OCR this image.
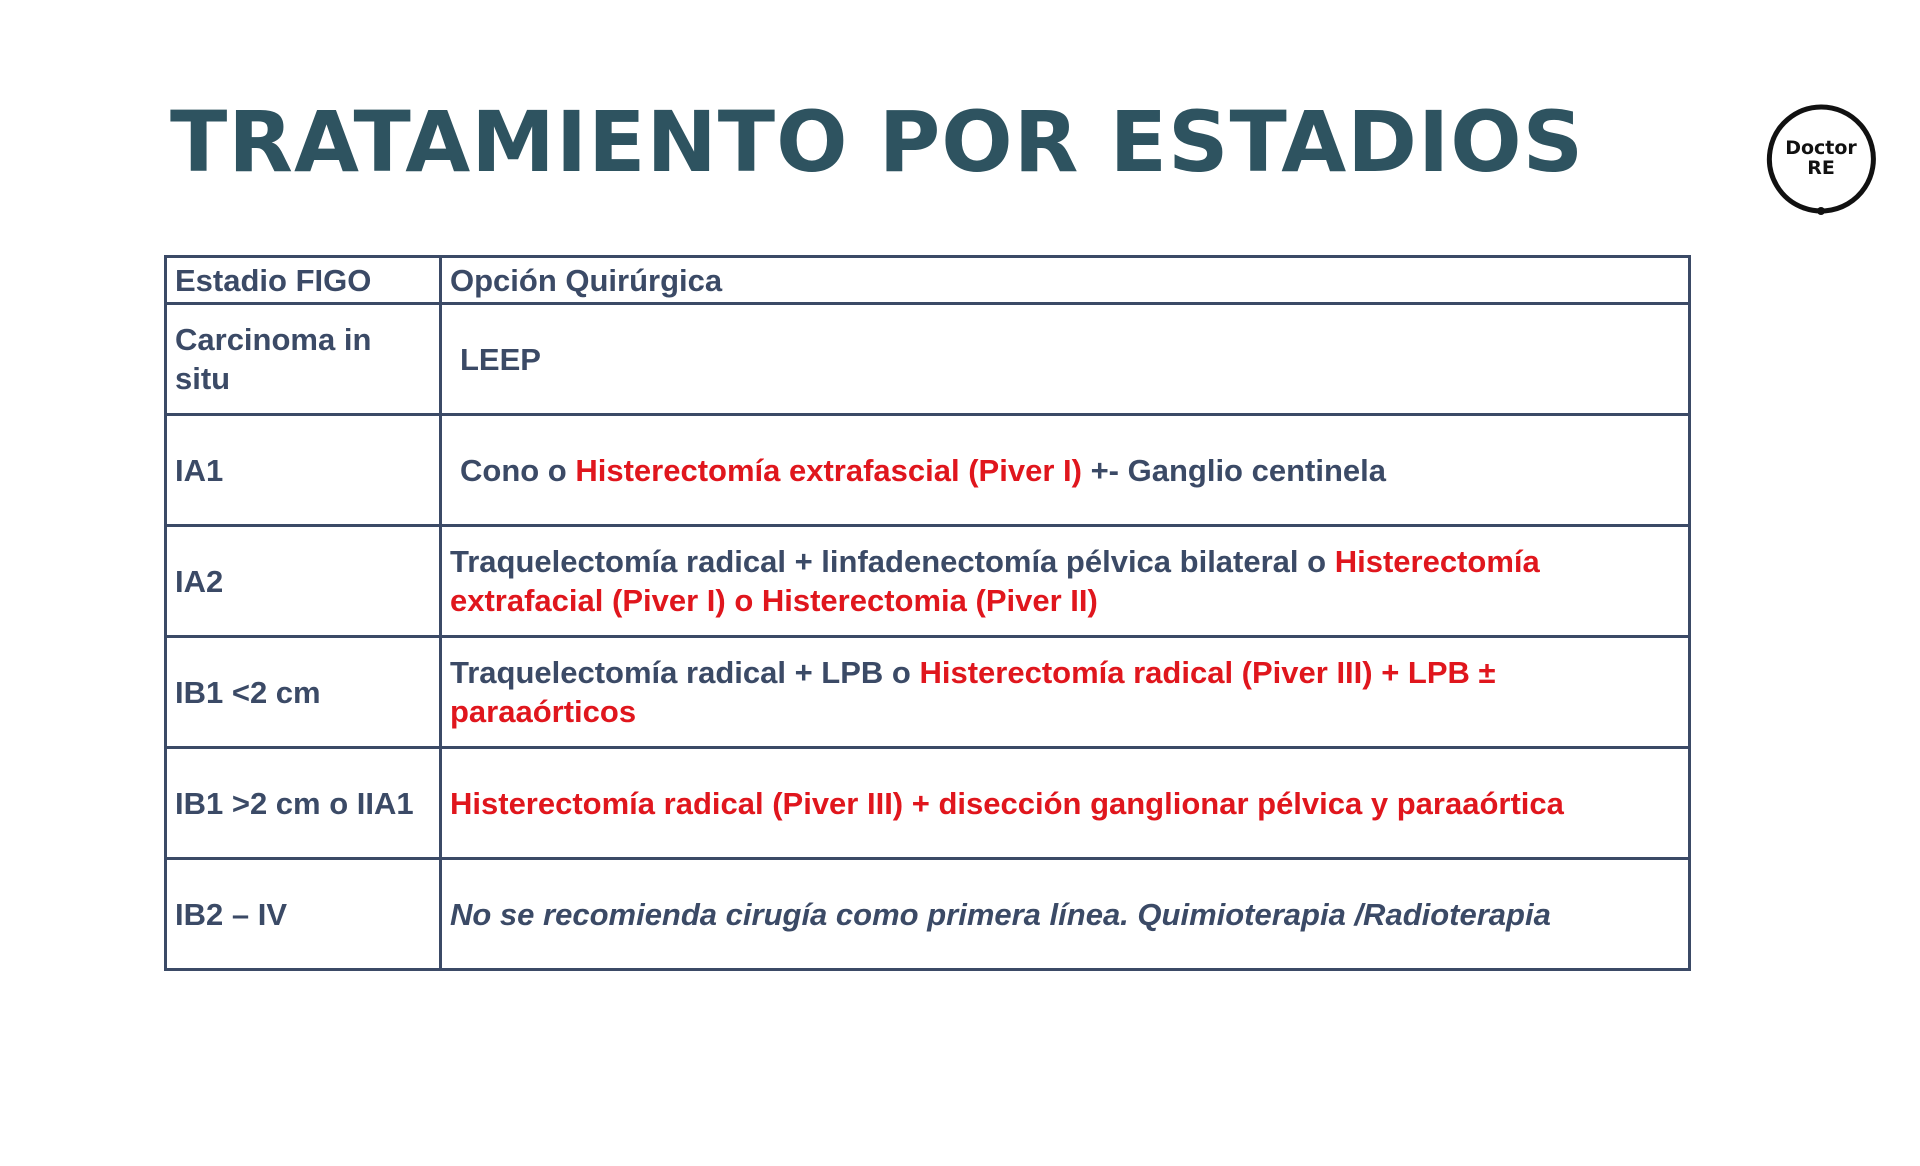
TRATAMIENTO POR ESTADIOS	Doctor
RE
Estadio FIGO	Opción Quirúrgica
Carcinoma in situ	LEEP
IA1	Cono o Histerectomía extrafascial (Piver I) +- Ganglio centinela
IA2	Traquelectomía radical + linfadenectomía pélvica bilateral o Histerectomía extrafacial (Piver I) o Histerectomia (Piver II)
IB1 <2 cm	Traquelectomía radical + LPB o Histerectomía radical (Piver III) + LPB ± paraaórticos
IB1 >2 cm o IIA1	Histerectomía radical (Piver III) + disección ganglionar pélvica y paraaórtica
IB2 – IV	No se recomienda cirugía como primera línea. Quimioterapia /Radioterapia
